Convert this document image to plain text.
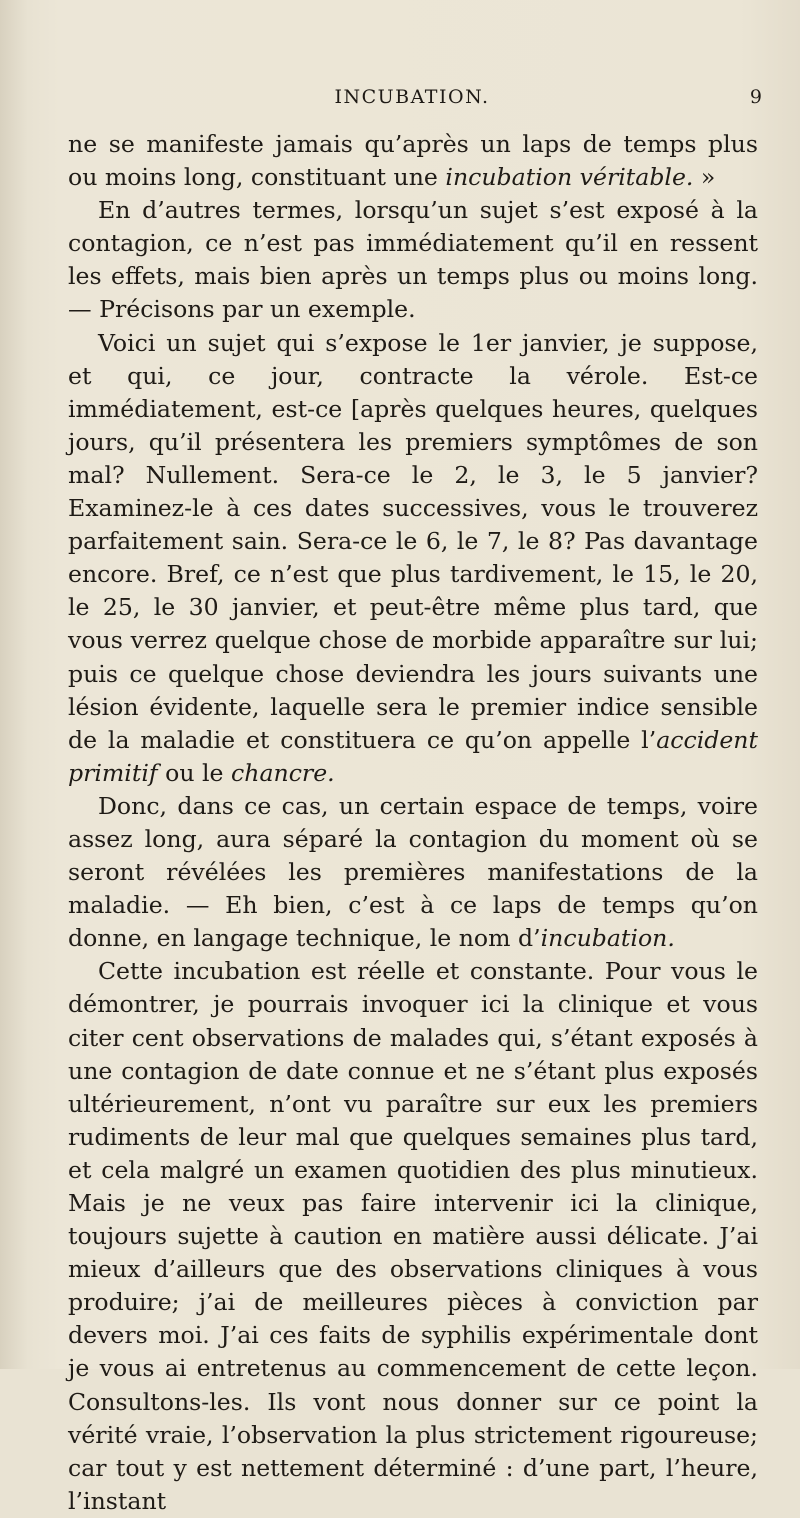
INCUBATION.	9

ne se manifeste jamais qu’après un laps de temps plus ou moins long, constituant une incubation véritable. »

En d’autres termes, lorsqu’un sujet s’est exposé à la contagion, ce n’est pas immédiatement qu’il en ressent les effets, mais bien après un temps plus ou moins long. — Précisons par un exemple.

Voici un sujet qui s’expose le 1er janvier, je suppose, et qui, ce jour, contracte la vérole. Est-ce immédiatement, est-ce [après quelques heures, quelques jours, qu’il présentera les premiers symptômes de son mal? Nullement. Sera-ce le 2, le 3, le 5 janvier? Examinez-le à ces dates successives, vous le trouverez parfaitement sain. Sera-ce le 6, le 7, le 8? Pas davantage encore. Bref, ce n’est que plus tardivement, le 15, le 20, le 25, le 30 janvier, et peut-être même plus tard, que vous verrez quelque chose de morbide apparaître sur lui; puis ce quelque chose deviendra les jours suivants une lésion évidente, laquelle sera le premier indice sensible de la maladie et constituera ce qu’on appelle l’accident primitif ou le chancre.

Donc, dans ce cas, un certain espace de temps, voire assez long, aura séparé la contagion du moment où se seront révélées les premières manifestations de la maladie. — Eh bien, c’est à ce laps de temps qu’on donne, en langage technique, le nom d’incubation.

Cette incubation est réelle et constante. Pour vous le démontrer, je pourrais invoquer ici la clinique et vous citer cent observations de malades qui, s’étant exposés à une contagion de date connue et ne s’étant plus exposés ultérieurement, n’ont vu paraître sur eux les premiers rudiments de leur mal que quelques semaines plus tard, et cela malgré un examen quotidien des plus minutieux. Mais je ne veux pas faire intervenir ici la clinique, toujours sujette à caution en matière aussi délicate. J’ai mieux d’ailleurs que des observations cliniques à vous produire; j’ai de meilleures pièces à conviction par devers moi. J’ai ces faits de syphilis expérimentale dont je vous ai entretenus au commencement de cette leçon. Consultons-les. Ils vont nous donner sur ce point la vérité vraie, l’observation la plus strictement rigoureuse; car tout y est nettement déterminé : d’une part, l’heure, l’instant
